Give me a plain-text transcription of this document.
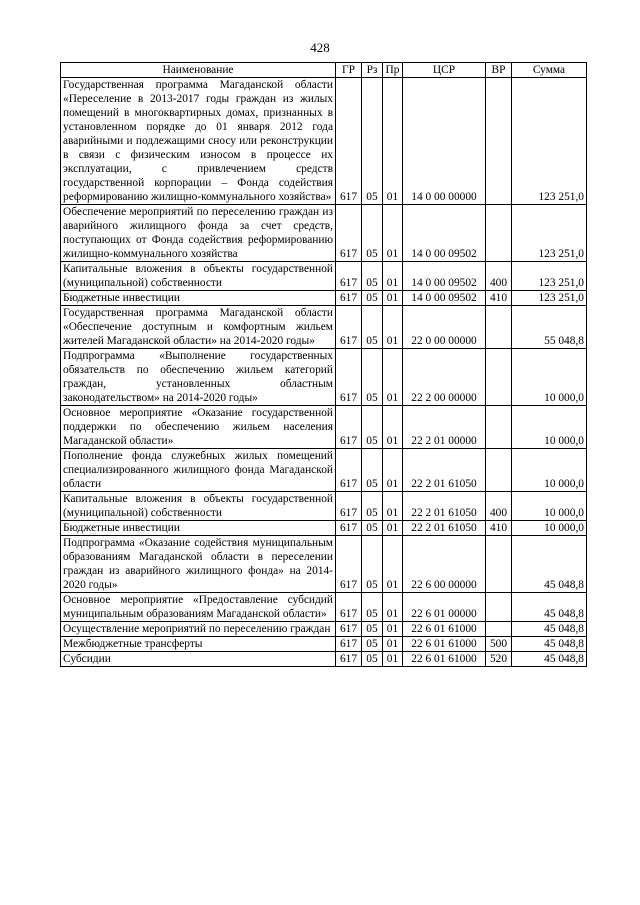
428
Наименование	ГР	Рз	Пр	ЦСР	ВР	Сумма
Государственная программа Магаданской области «Переселение в 2013-2017 годы граждан из жилых помещений в многоквартирных домах, признанных в установленном порядке до 01 января 2012 года аварийными и подлежащими сносу или реконструкции в связи с физическим износом в процессе их эксплуатации, с привлечением средств государственной корпорации – Фонда содействия реформированию жилищно-коммунального хозяйства»	617	05	01	14 0 00 00000		123 251,0
Обеспечение мероприятий по переселению граждан из аварийного жилищного фонда за счет средств, поступающих от Фонда содействия реформированию жилищно-коммунального хозяйства	617	05	01	14 0 00 09502		123 251,0
Капитальные вложения в объекты государственной (муниципальной) собственности	617	05	01	14 0 00 09502	400	123 251,0
Бюджетные инвестиции	617	05	01	14 0 00 09502	410	123 251,0
Государственная программа Магаданской области «Обеспечение доступным и комфортным жильем жителей Магаданской области» на 2014-2020 годы»	617	05	01	22 0 00 00000		55 048,8
Подпрограмма «Выполнение государственных обязательств по обеспечению жильем категорий граждан, установленных областным законодательством» на 2014-2020 годы»	617	05	01	22 2 00 00000		10 000,0
Основное мероприятие «Оказание государственной поддержки по обеспечению жильем населения Магаданской области»	617	05	01	22 2 01 00000		10 000,0
Пополнение фонда служебных жилых помещений специализированного жилищного фонда Магаданской области	617	05	01	22 2 01 61050		10 000,0
Капитальные вложения в объекты государственной (муниципальной) собственности	617	05	01	22 2 01 61050	400	10 000,0
Бюджетные инвестиции	617	05	01	22 2 01 61050	410	10 000,0
Подпрограмма «Оказание содействия муниципальным образованиям Магаданской области в переселении граждан из аварийного жилищного фонда» на 2014-2020 годы»	617	05	01	22 6 00 00000		45 048,8
Основное мероприятие «Предоставление субсидий муниципальным образованиям Магаданской области»	617	05	01	22 6 01 00000		45 048,8
Осуществление мероприятий по переселению граждан	617	05	01	22 6 01 61000		45 048,8
Межбюджетные трансферты	617	05	01	22 6 01 61000	500	45 048,8
Субсидии	617	05	01	22 6 01 61000	520	45 048,8
